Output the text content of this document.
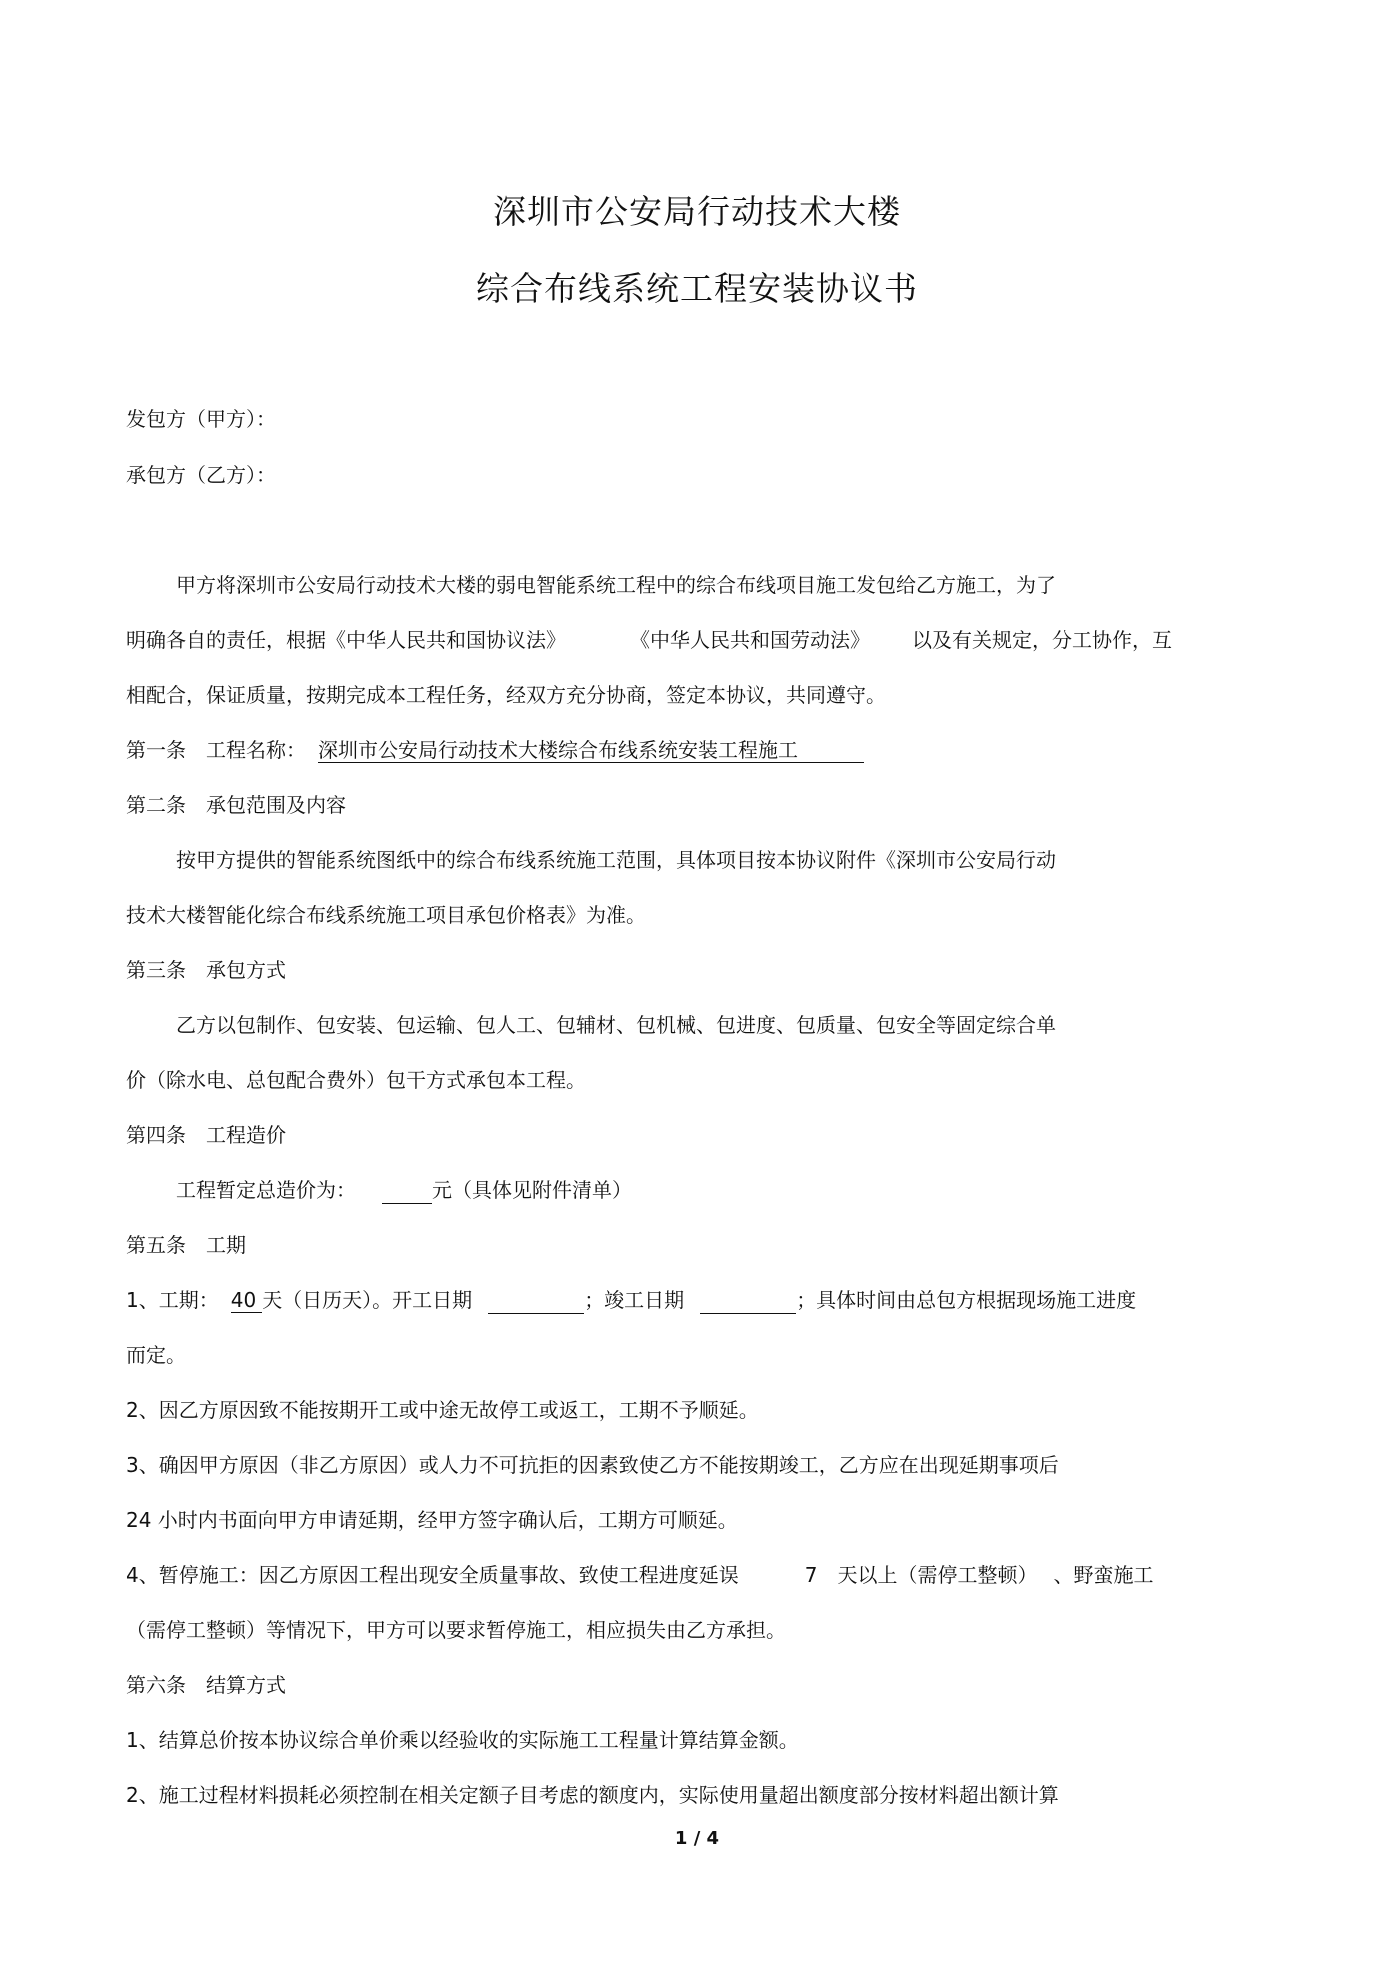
深圳市公安局行动技术大楼
综合布线系统工程安装协议书
发包方（甲方）：
承包方（乙方）：
甲方将深圳市公安局行动技术大楼的弱电智能系统工程中的综合布线项目施工发包给乙方施工，为了
明确各自的责任，根据《中华人民共和国协议法》	《中华人民共和国劳动法》 以及有关规定，分工协作，互
相配合，保证质量，按期完成本工程任务，经双方充分协商，签定本协议，共同遵守。
第一条　工程名称： 深圳市公安局行动技术大楼综合布线系统安装工程施工
第二条　承包范围及内容
按甲方提供的智能系统图纸中的综合布线系统施工范围，具体项目按本协议附件《深圳市公安局行动
技术大楼智能化综合布线系统施工项目承包价格表》为准。
第三条　承包方式
乙方以包制作、包安装、包运输、包人工、包辅材、包机械、包进度、包质量、包安全等固定综合单
价（除水电、总包配合费外）包干方式承包本工程。
第四条　工程造价
工程暂定总造价为：	元（具体见附件清单）
第五条　工期
1、工期： 40 天（日历天）。开工日期	；竣工日期	；具体时间由总包方根据现场施工进度
而定。
2、因乙方原因致不能按期开工或中途无故停工或返工，工期不予顺延。
3、确因甲方原因（非乙方原因）或人力不可抗拒的因素致使乙方不能按期竣工，乙方应在出现延期事项后
24 小时内书面向甲方申请延期，经甲方签字确认后，工期方可顺延。
4、暂停施工：因乙方原因工程出现安全质量事故、致使工程进度延误	7　天以上（需停工整顿） 、野蛮施工
（需停工整顿）等情况下，甲方可以要求暂停施工，相应损失由乙方承担。
第六条　结算方式
1、结算总价按本协议综合单价乘以经验收的实际施工工程量计算结算金额。
2、施工过程材料损耗必须控制在相关定额子目考虑的额度内，实际使用量超出额度部分按材料超出额计算
1 / 4
